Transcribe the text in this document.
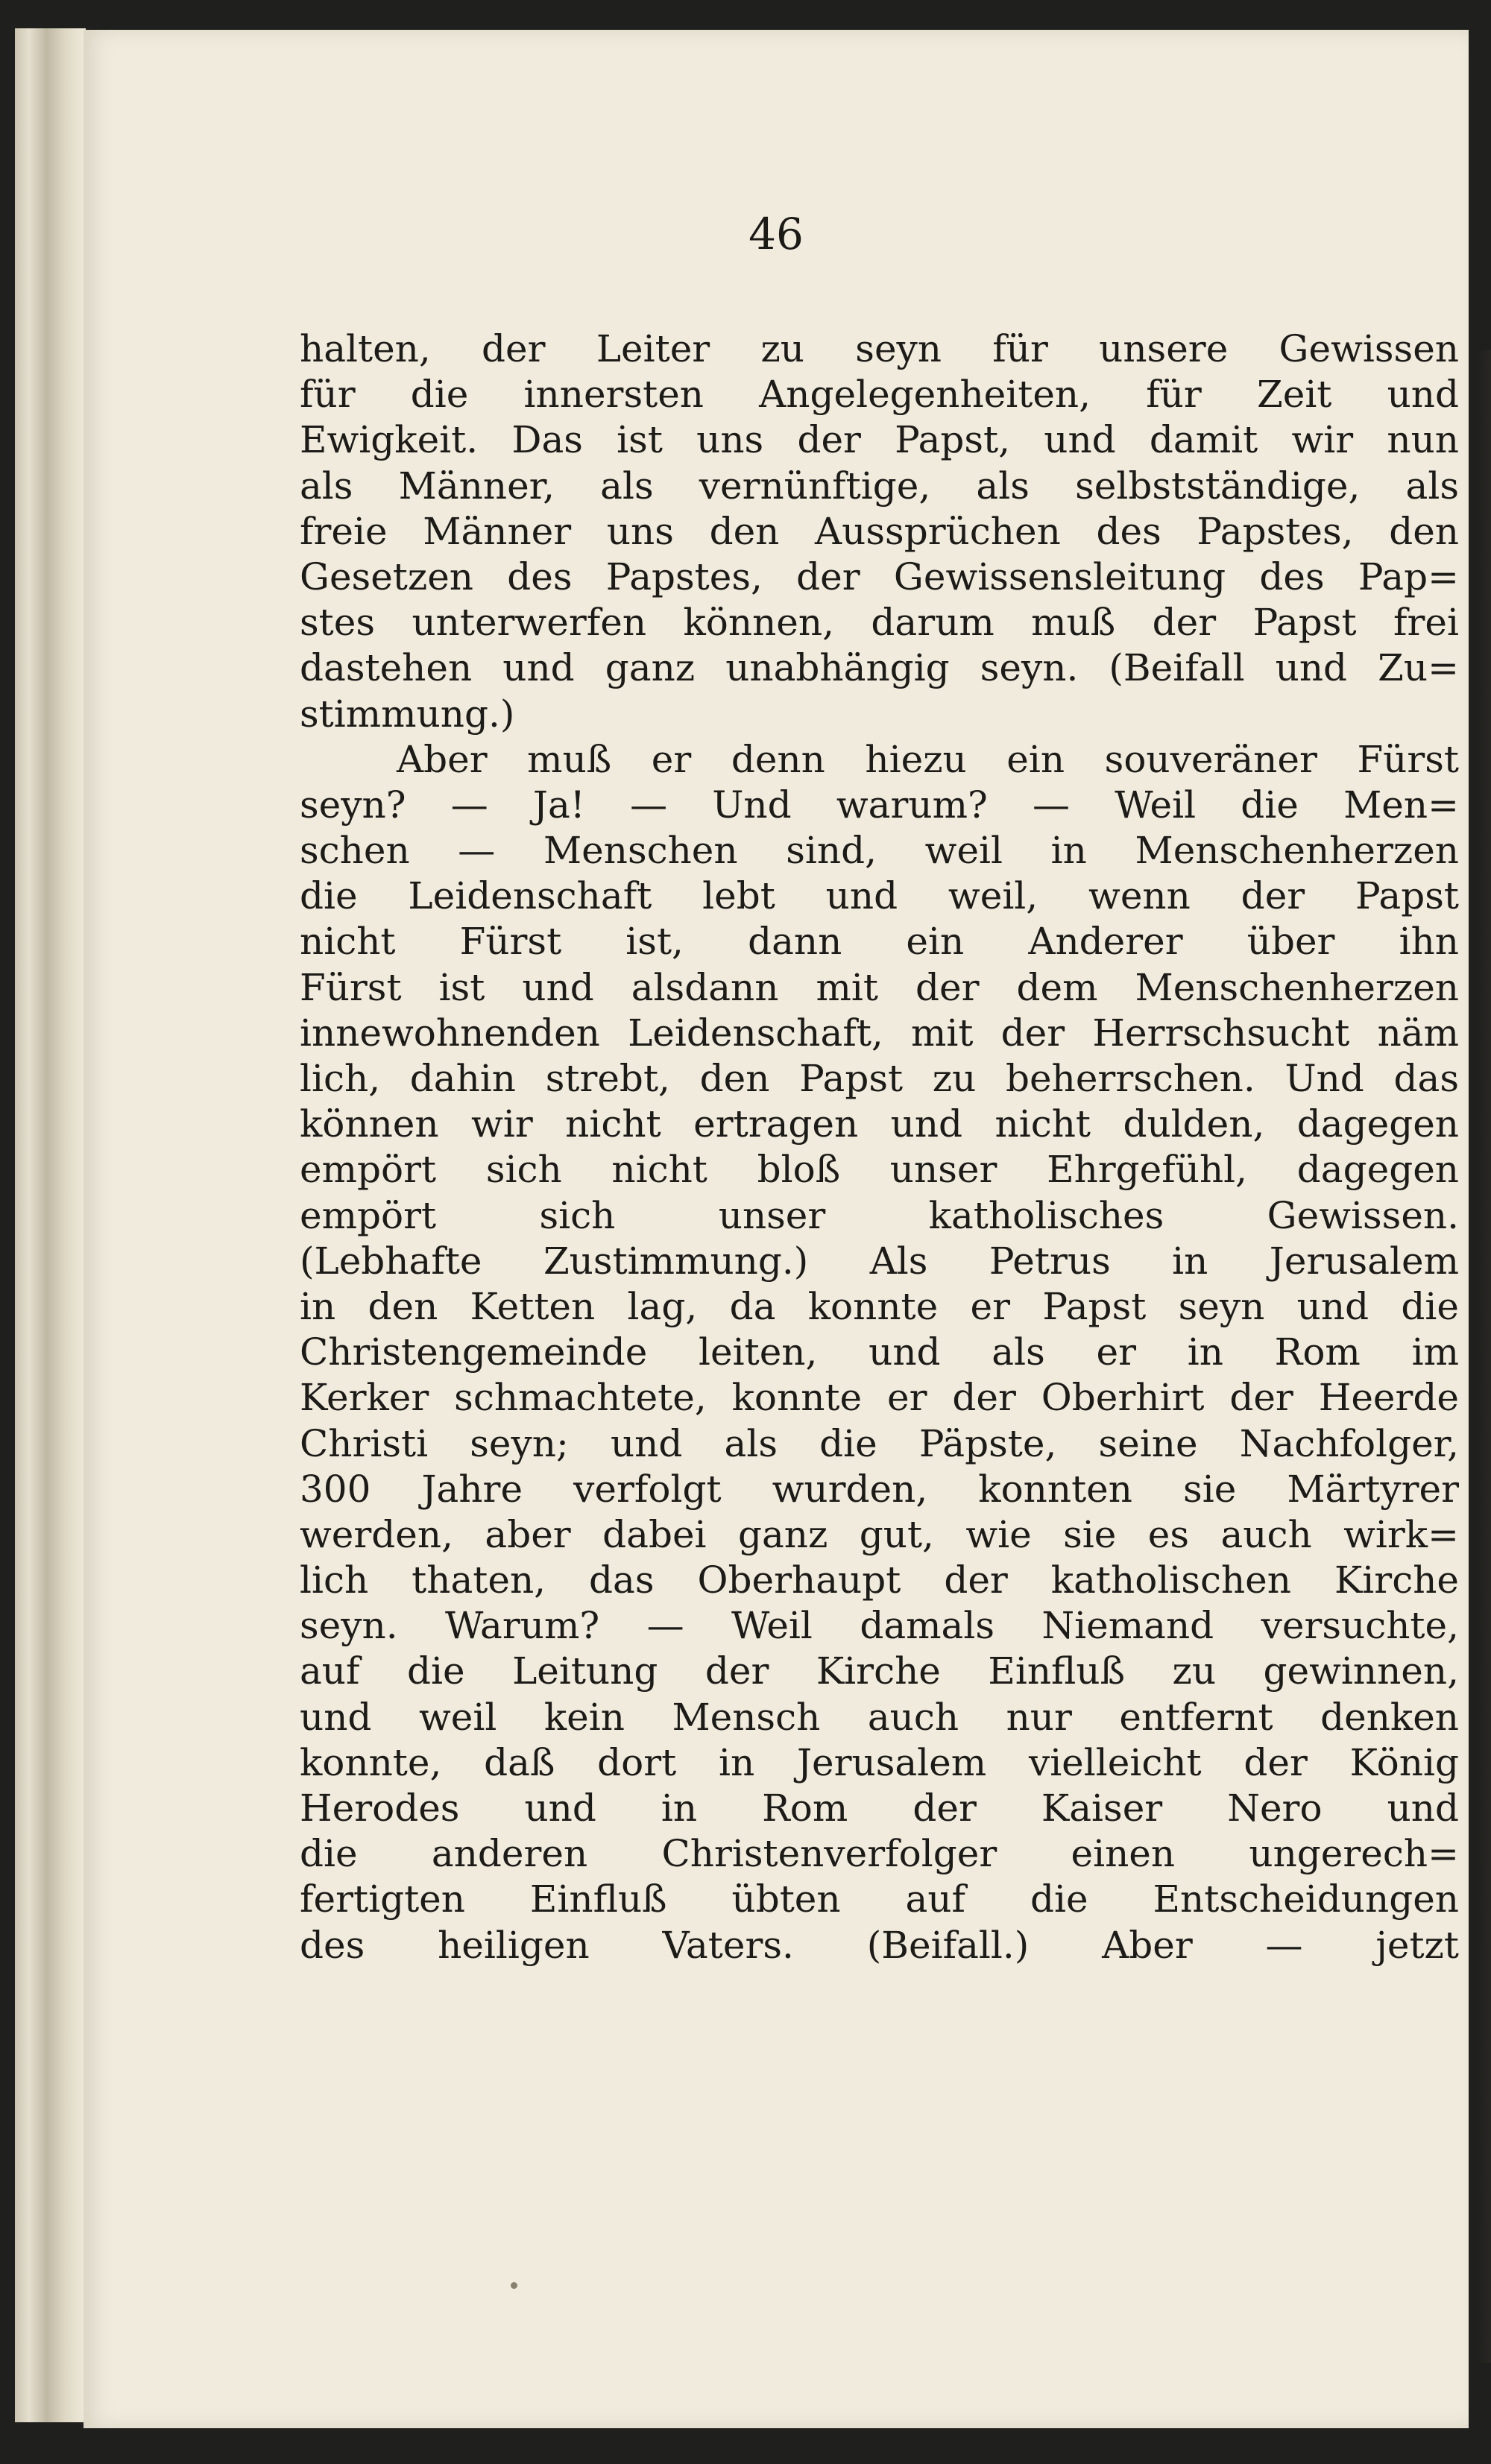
46
halten, der Leiter zu seyn für unsere Gewissen
für die innersten Angelegenheiten, für Zeit und
Ewigkeit. Das ist uns der Papst, und damit wir nun
als Männer, als vernünftige, als selbstständige, als
freie Männer uns den Aussprüchen des Papstes, den
Gesetzen des Papstes, der Gewissensleitung des Pap=
stes unterwerfen können, darum muß der Papst frei
dastehen und ganz unabhängig seyn. (Beifall und Zu=
stimmung.)
Aber muß er denn hiezu ein souveräner Fürst
seyn? — Ja! — Und warum? — Weil die Men=
schen — Menschen sind, weil in Menschenherzen
die Leidenschaft lebt und weil, wenn der Papst
nicht Fürst ist, dann ein Anderer über ihn
Fürst ist und alsdann mit der dem Menschenherzen
innewohnenden Leidenschaft, mit der Herrschsucht näm
lich, dahin strebt, den Papst zu beherrschen. Und das
können wir nicht ertragen und nicht dulden, dagegen
empört sich nicht bloß unser Ehrgefühl, dagegen
empört sich unser katholisches Gewissen.
(Lebhafte Zustimmung.) Als Petrus in Jerusalem
in den Ketten lag, da konnte er Papst seyn und die
Christengemeinde leiten, und als er in Rom im
Kerker schmachtete, konnte er der Oberhirt der Heerde
Christi seyn; und als die Päpste, seine Nachfolger,
300 Jahre verfolgt wurden, konnten sie Märtyrer
werden, aber dabei ganz gut, wie sie es auch wirk=
lich thaten, das Oberhaupt der katholischen Kirche
seyn. Warum? — Weil damals Niemand versuchte,
auf die Leitung der Kirche Einfluß zu gewinnen,
und weil kein Mensch auch nur entfernt denken
konnte, daß dort in Jerusalem vielleicht der König
Herodes und in Rom der Kaiser Nero und
die anderen Christenverfolger einen ungerech=
fertigten Einfluß übten auf die Entscheidungen
des heiligen Vaters. (Beifall.) Aber — jetzt
